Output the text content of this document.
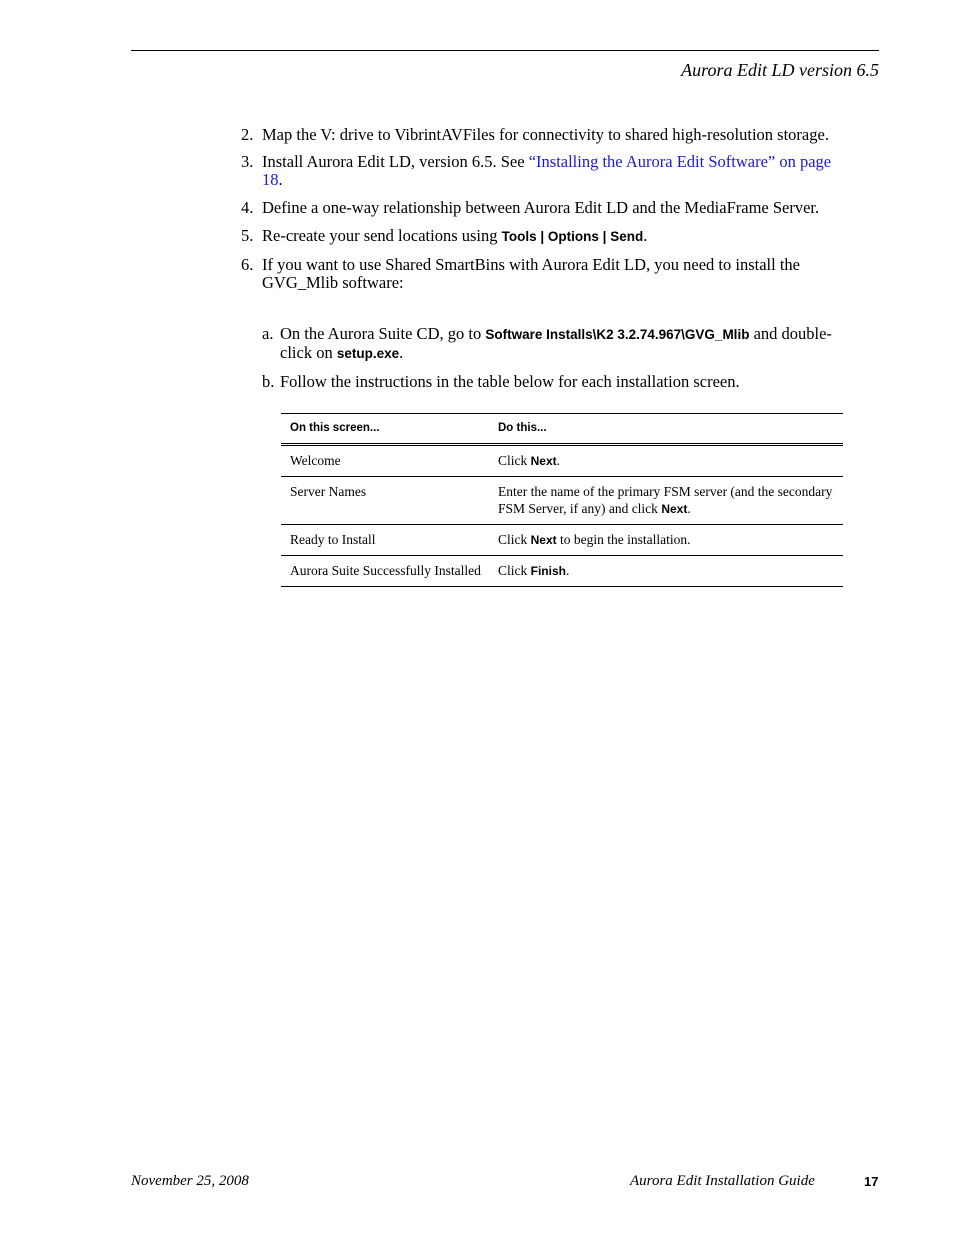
Aurora Edit LD version 6.5
2. Map the V: drive to VibrintAVFiles for connectivity to shared high-resolution storage.
3. Install Aurora Edit LD, version 6.5. See “Installing the Aurora Edit Software” on page 18.
4. Define a one-way relationship between Aurora Edit LD and the MediaFrame Server.
5. Re-create your send locations using Tools | Options | Send.
6. If you want to use Shared SmartBins with Aurora Edit LD, you need to install the GVG_Mlib software:
a. On the Aurora Suite CD, go to Software Installs\K2 3.2.74.967\GVG_Mlib and double-click on setup.exe.
b. Follow the instructions in the table below for each installation screen.
On this screen...	Do this...
Welcome	Click Next.
Server Names	Enter the name of the primary FSM server (and the secondary FSM Server, if any) and click Next.
Ready to Install	Click Next to begin the installation.
Aurora Suite Successfully Installed	Click Finish.
November 25, 2008	Aurora Edit Installation Guide	17
